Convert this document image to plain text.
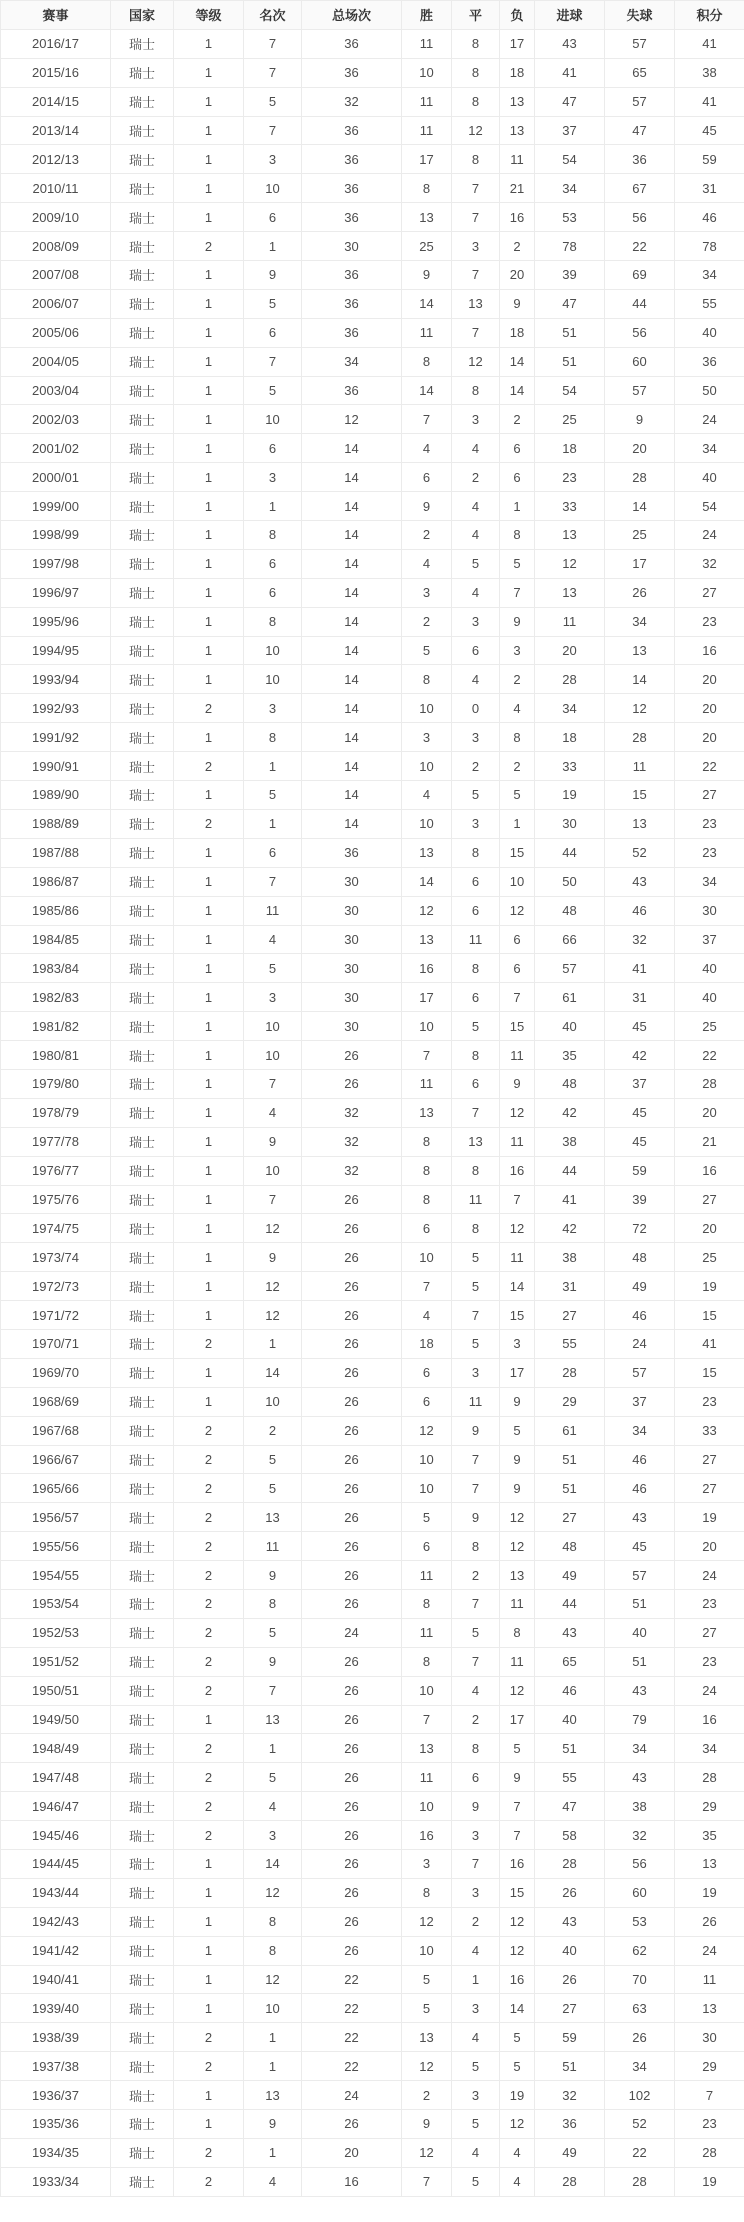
赛事	国家	等级	名次	总场次	胜	平	负	进球	失球	积分
2016/17	瑞士	1	7	36	11	8	17	43	57	41
2015/16	瑞士	1	7	36	10	8	18	41	65	38
2014/15	瑞士	1	5	32	11	8	13	47	57	41
2013/14	瑞士	1	7	36	11	12	13	37	47	45
2012/13	瑞士	1	3	36	17	8	11	54	36	59
2010/11	瑞士	1	10	36	8	7	21	34	67	31
2009/10	瑞士	1	6	36	13	7	16	53	56	46
2008/09	瑞士	2	1	30	25	3	2	78	22	78
2007/08	瑞士	1	9	36	9	7	20	39	69	34
2006/07	瑞士	1	5	36	14	13	9	47	44	55
2005/06	瑞士	1	6	36	11	7	18	51	56	40
2004/05	瑞士	1	7	34	8	12	14	51	60	36
2003/04	瑞士	1	5	36	14	8	14	54	57	50
2002/03	瑞士	1	10	12	7	3	2	25	9	24
2001/02	瑞士	1	6	14	4	4	6	18	20	34
2000/01	瑞士	1	3	14	6	2	6	23	28	40
1999/00	瑞士	1	1	14	9	4	1	33	14	54
1998/99	瑞士	1	8	14	2	4	8	13	25	24
1997/98	瑞士	1	6	14	4	5	5	12	17	32
1996/97	瑞士	1	6	14	3	4	7	13	26	27
1995/96	瑞士	1	8	14	2	3	9	11	34	23
1994/95	瑞士	1	10	14	5	6	3	20	13	16
1993/94	瑞士	1	10	14	8	4	2	28	14	20
1992/93	瑞士	2	3	14	10	0	4	34	12	20
1991/92	瑞士	1	8	14	3	3	8	18	28	20
1990/91	瑞士	2	1	14	10	2	2	33	11	22
1989/90	瑞士	1	5	14	4	5	5	19	15	27
1988/89	瑞士	2	1	14	10	3	1	30	13	23
1987/88	瑞士	1	6	36	13	8	15	44	52	23
1986/87	瑞士	1	7	30	14	6	10	50	43	34
1985/86	瑞士	1	11	30	12	6	12	48	46	30
1984/85	瑞士	1	4	30	13	11	6	66	32	37
1983/84	瑞士	1	5	30	16	8	6	57	41	40
1982/83	瑞士	1	3	30	17	6	7	61	31	40
1981/82	瑞士	1	10	30	10	5	15	40	45	25
1980/81	瑞士	1	10	26	7	8	11	35	42	22
1979/80	瑞士	1	7	26	11	6	9	48	37	28
1978/79	瑞士	1	4	32	13	7	12	42	45	20
1977/78	瑞士	1	9	32	8	13	11	38	45	21
1976/77	瑞士	1	10	32	8	8	16	44	59	16
1975/76	瑞士	1	7	26	8	11	7	41	39	27
1974/75	瑞士	1	12	26	6	8	12	42	72	20
1973/74	瑞士	1	9	26	10	5	11	38	48	25
1972/73	瑞士	1	12	26	7	5	14	31	49	19
1971/72	瑞士	1	12	26	4	7	15	27	46	15
1970/71	瑞士	2	1	26	18	5	3	55	24	41
1969/70	瑞士	1	14	26	6	3	17	28	57	15
1968/69	瑞士	1	10	26	6	11	9	29	37	23
1967/68	瑞士	2	2	26	12	9	5	61	34	33
1966/67	瑞士	2	5	26	10	7	9	51	46	27
1965/66	瑞士	2	5	26	10	7	9	51	46	27
1956/57	瑞士	2	13	26	5	9	12	27	43	19
1955/56	瑞士	2	11	26	6	8	12	48	45	20
1954/55	瑞士	2	9	26	11	2	13	49	57	24
1953/54	瑞士	2	8	26	8	7	11	44	51	23
1952/53	瑞士	2	5	24	11	5	8	43	40	27
1951/52	瑞士	2	9	26	8	7	11	65	51	23
1950/51	瑞士	2	7	26	10	4	12	46	43	24
1949/50	瑞士	1	13	26	7	2	17	40	79	16
1948/49	瑞士	2	1	26	13	8	5	51	34	34
1947/48	瑞士	2	5	26	11	6	9	55	43	28
1946/47	瑞士	2	4	26	10	9	7	47	38	29
1945/46	瑞士	2	3	26	16	3	7	58	32	35
1944/45	瑞士	1	14	26	3	7	16	28	56	13
1943/44	瑞士	1	12	26	8	3	15	26	60	19
1942/43	瑞士	1	8	26	12	2	12	43	53	26
1941/42	瑞士	1	8	26	10	4	12	40	62	24
1940/41	瑞士	1	12	22	5	1	16	26	70	11
1939/40	瑞士	1	10	22	5	3	14	27	63	13
1938/39	瑞士	2	1	22	13	4	5	59	26	30
1937/38	瑞士	2	1	22	12	5	5	51	34	29
1936/37	瑞士	1	13	24	2	3	19	32	102	7
1935/36	瑞士	1	9	26	9	5	12	36	52	23
1934/35	瑞士	2	1	20	12	4	4	49	22	28
1933/34	瑞士	2	4	16	7	5	4	28	28	19
